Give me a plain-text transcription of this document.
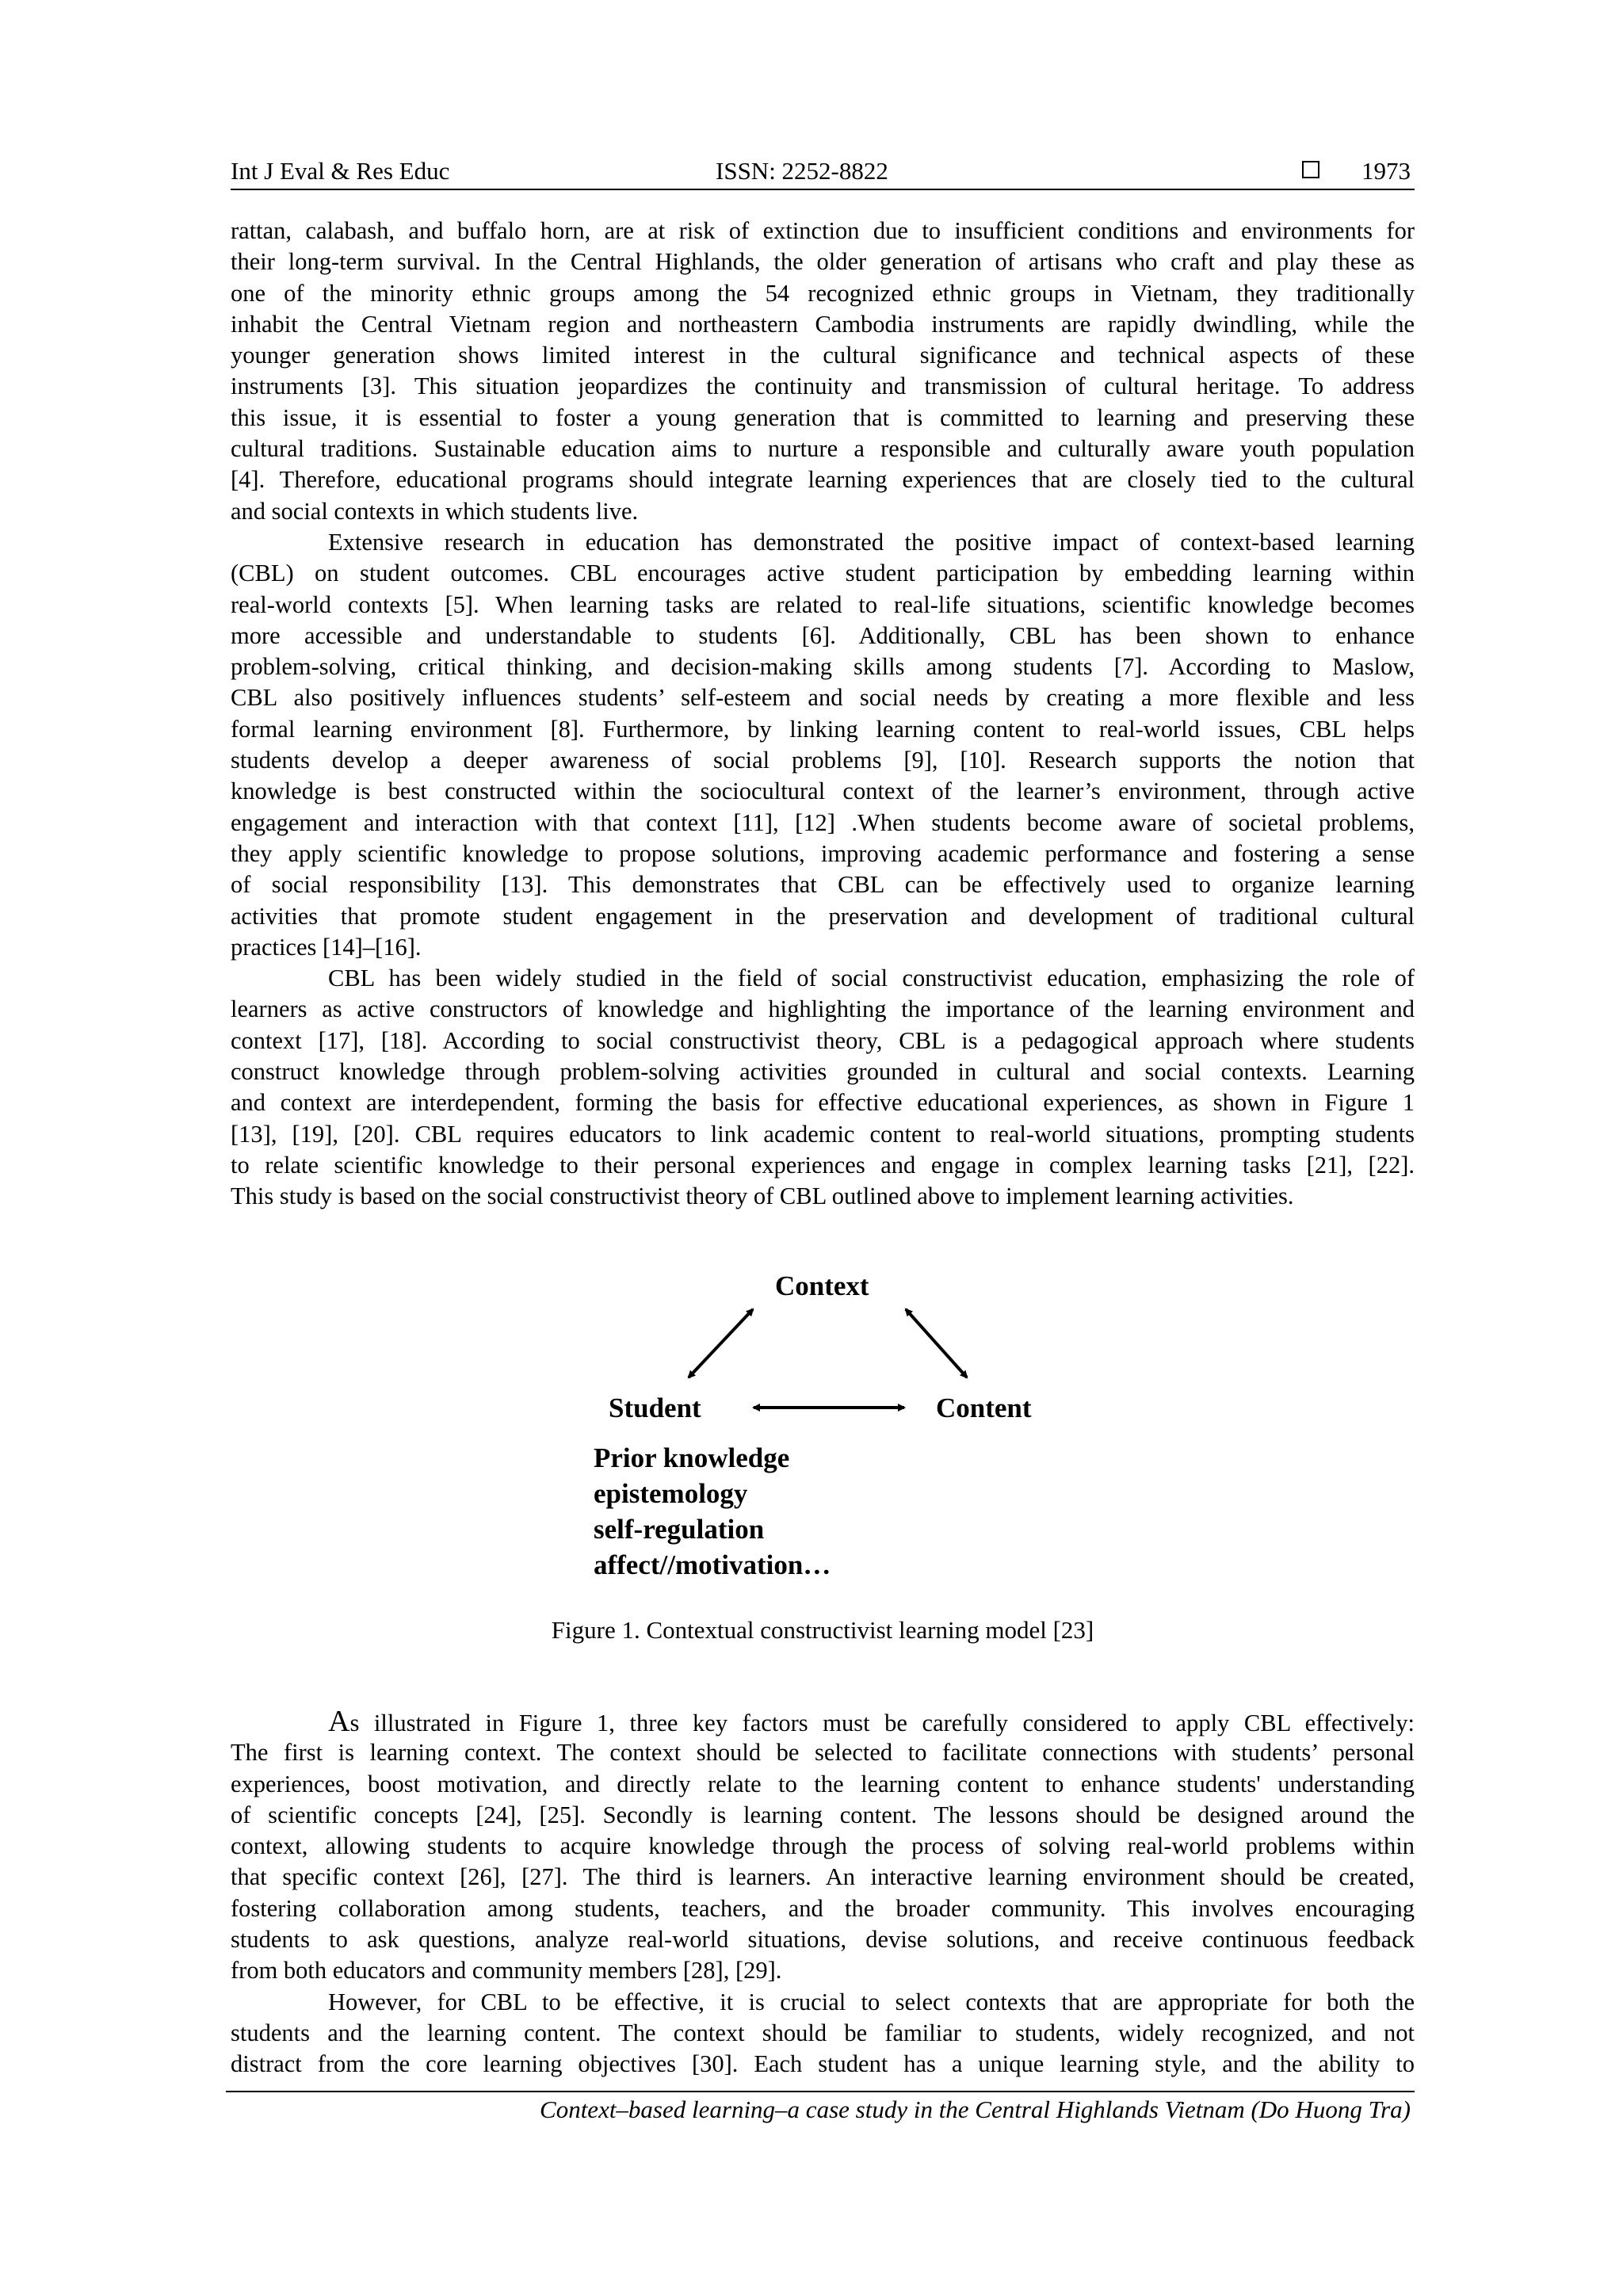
Int J Eval & Res Educ	ISSN: 2252-8822	1973
rattan, calabash, and buffalo horn, are at risk of extinction due to insufficient conditions and environments for
their long-term survival. In the Central Highlands, the older generation of artisans who craft and play these as
one of the minority ethnic groups among the 54 recognized ethnic groups in Vietnam, they traditionally
inhabit the Central Vietnam region and northeastern Cambodia instruments are rapidly dwindling, while the
younger generation shows limited interest in the cultural significance and technical aspects of these
instruments [3]. This situation jeopardizes the continuity and transmission of cultural heritage. To address
this issue, it is essential to foster a young generation that is committed to learning and preserving these
cultural traditions. Sustainable education aims to nurture a responsible and culturally aware youth population
[4]. Therefore, educational programs should integrate learning experiences that are closely tied to the cultural
and social contexts in which students live.
Extensive research in education has demonstrated the positive impact of context-based learning
(CBL) on student outcomes. CBL encourages active student participation by embedding learning within
real-world contexts [5]. When learning tasks are related to real-life situations, scientific knowledge becomes
more accessible and understandable to students [6]. Additionally, CBL has been shown to enhance
problem-solving, critical thinking, and decision-making skills among students [7]. According to Maslow,
CBL also positively influences students’ self-esteem and social needs by creating a more flexible and less
formal learning environment [8]. Furthermore, by linking learning content to real-world issues, CBL helps
students develop a deeper awareness of social problems [9], [10]. Research supports the notion that
knowledge is best constructed within the sociocultural context of the learner’s environment, through active
engagement and interaction with that context [11], [12] .When students become aware of societal problems,
they apply scientific knowledge to propose solutions, improving academic performance and fostering a sense
of social responsibility [13]. This demonstrates that CBL can be effectively used to organize learning
activities that promote student engagement in the preservation and development of traditional cultural
practices [14]–[16].
CBL has been widely studied in the field of social constructivist education, emphasizing the role of
learners as active constructors of knowledge and highlighting the importance of the learning environment and
context [17], [18]. According to social constructivist theory, CBL is a pedagogical approach where students
construct knowledge through problem-solving activities grounded in cultural and social contexts. Learning
and context are interdependent, forming the basis for effective educational experiences, as shown in Figure 1
[13], [19], [20]. CBL requires educators to link academic content to real-world situations, prompting students
to relate scientific knowledge to their personal experiences and engage in complex learning tasks [21], [22].
This study is based on the social constructivist theory of CBL outlined above to implement learning activities.
Context
Student	Content
Prior knowledge
epistemology
self-regulation
affect//motivation…
Figure 1. Contextual constructivist learning model [23]
As illustrated in Figure 1, three key factors must be carefully considered to apply CBL effectively:
The first is learning context. The context should be selected to facilitate connections with students’ personal
experiences, boost motivation, and directly relate to the learning content to enhance students' understanding
of scientific concepts [24], [25]. Secondly is learning content. The lessons should be designed around the
context, allowing students to acquire knowledge through the process of solving real-world problems within
that specific context [26], [27]. The third is learners. An interactive learning environment should be created,
fostering collaboration among students, teachers, and the broader community. This involves encouraging
students to ask questions, analyze real-world situations, devise solutions, and receive continuous feedback
from both educators and community members [28], [29].
However, for CBL to be effective, it is crucial to select contexts that are appropriate for both the
students and the learning content. The context should be familiar to students, widely recognized, and not
distract from the core learning objectives [30]. Each student has a unique learning style, and the ability to
Context–based learning–a case study in the Central Highlands Vietnam (Do Huong Tra)
